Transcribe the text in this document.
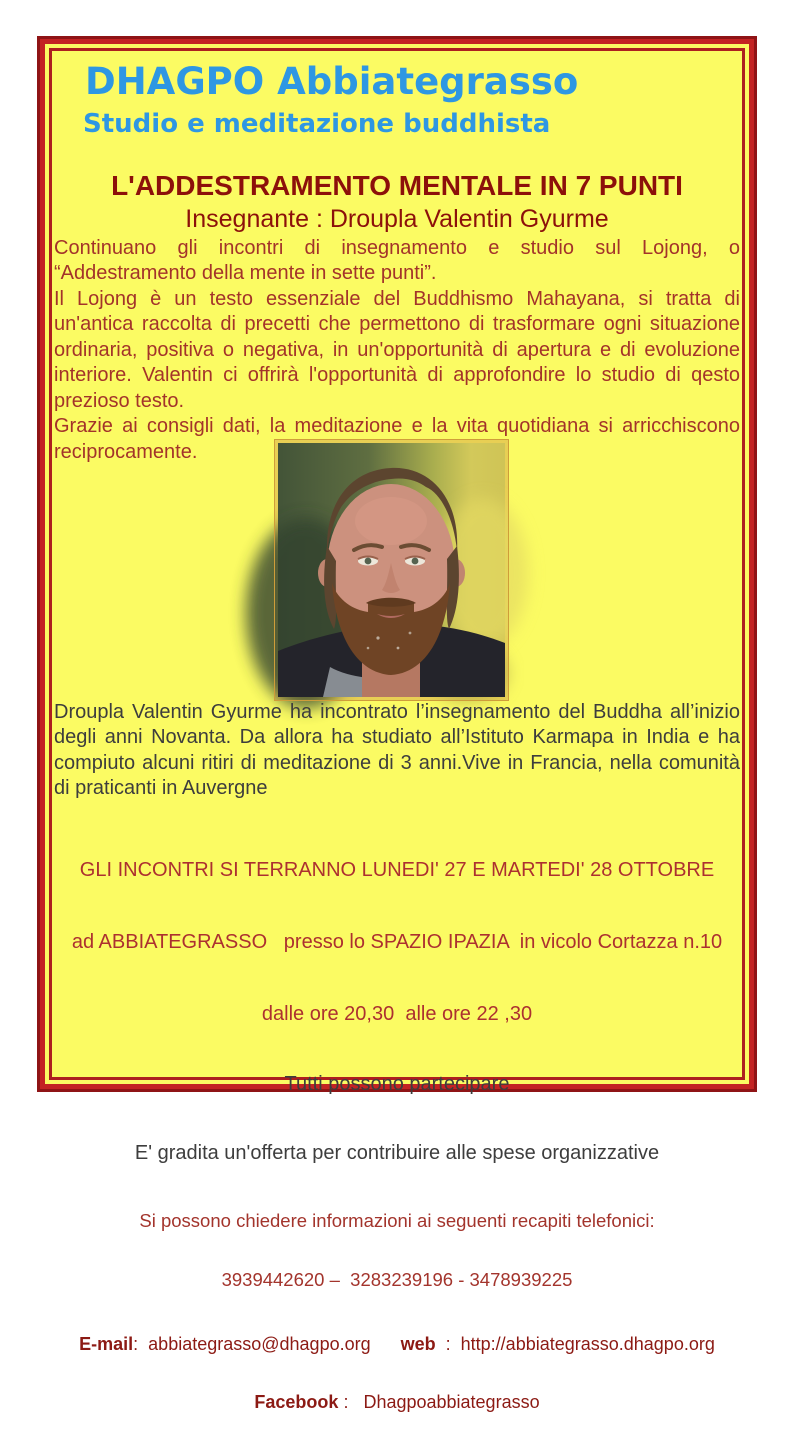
DHAGPO Abbiategrasso
Studio e meditazione buddhista
L'ADDESTRAMENTO MENTALE IN 7 PUNTI
Insegnante : Droupla Valentin Gyurme

Continuano gli incontri di insegnamento e studio sul Lojong, o “Addestramento della mente in sette punti”.

Il Lojong è un testo essenziale del Buddhismo Mahayana, si tratta di un'antica raccolta di precetti che permettono di trasformare ogni situazione ordinaria, positiva o negativa, in un'opportunità di apertura e di evoluzione interiore. Valentin ci offrirà l'opportunità di approfondire lo studio di qesto prezioso testo.

Grazie ai consigli dati, la meditazione e la vita quotidiana si arricchiscono reciprocamente.

Droupla Valentin Gyurme ha incontrato l’insegnamento del Buddha all’inizio degli anni Novanta. Da allora ha studiato all’Istituto Karmapa in India e ha compiuto alcuni ritiri di meditazione di 3 anni.Vive in Francia, nella comunità di praticanti in Auvergne

GLI INCONTRI SI TERRANNO LUNEDI' 27 E MARTEDI' 28 OTTOBRE

ad ABBIATEGRASSO   presso lo SPAZIO IPAZIA  in vicolo Cortazza n.10

dalle ore 20,30  alle ore 22 ,30

Tutti possono partecipare

E' gradita un'offerta per contribuire alle spese organizzative

Si possono chiedere informazioni ai seguenti recapiti telefonici:

3939442620 –  3283239196 - 3478939225

E-mail:  abbiategrasso@dhagpo.org web  :  http://abbiategrasso.dhagpo.org

Facebook :   Dhagpoabbiategrasso
